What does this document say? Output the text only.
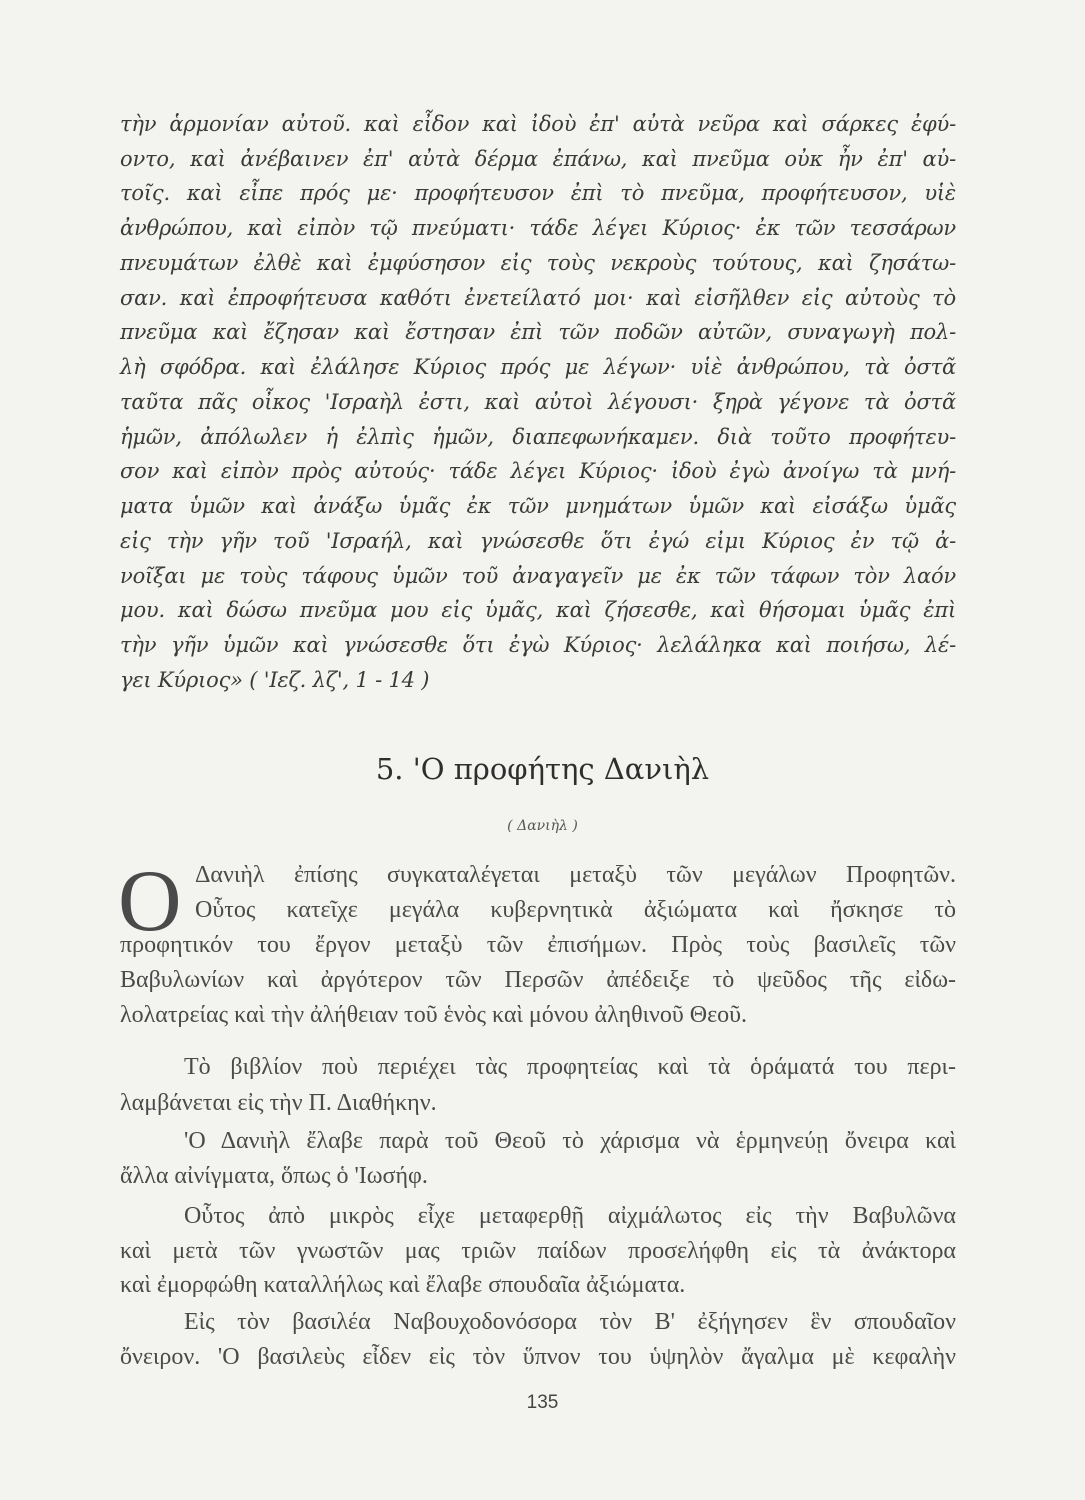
τὴν ἁρμονίαν αὐτοῦ. καὶ εἶδον καὶ ἰδοὺ ἐπ' αὐτὰ νεῦρα καὶ σάρκες ἐφύ-
οντο, καὶ ἀνέβαινεν ἐπ' αὐτὰ δέρμα ἐπάνω, καὶ πνεῦμα οὐκ ἦν ἐπ' αὐ-
τοῖς. καὶ εἶπε πρός με· προφήτευσον ἐπὶ τὸ πνεῦμα, προφήτευσον, υἱὲ
ἀνθρώπου, καὶ εἰπὸν τῷ πνεύματι· τάδε λέγει Κύριος· ἐκ τῶν τεσσάρων
πνευμάτων ἐλθὲ καὶ ἐμφύσησον εἰς τοὺς νεκροὺς τούτους, καὶ ζησάτω-
σαν. καὶ ἐπροφήτευσα καθότι ἐνετείλατό μοι· καὶ εἰσῆλθεν εἰς αὐτοὺς τὸ
πνεῦμα καὶ ἔζησαν καὶ ἔστησαν ἐπὶ τῶν ποδῶν αὐτῶν, συναγωγὴ πολ-
λὴ σφόδρα. καὶ ἐλάλησε Κύριος πρός με λέγων· υἱὲ ἀνθρώπου, τὰ ὀστᾶ
ταῦτα πᾶς οἶκος 'Ισραὴλ ἐστι, καὶ αὐτοὶ λέγουσι· ξηρὰ γέγονε τὰ ὀστᾶ
ἡμῶν, ἀπόλωλεν ἡ ἐλπὶς ἡμῶν, διαπεφωνήκαμεν. διὰ τοῦτο προφήτευ-
σον καὶ εἰπὸν πρὸς αὐτούς· τάδε λέγει Κύριος· ἰδοὺ ἐγὼ ἀνοίγω τὰ μνή-
ματα ὑμῶν καὶ ἀνάξω ὑμᾶς ἐκ τῶν μνημάτων ὑμῶν καὶ εἰσάξω ὑμᾶς
εἰς τὴν γῆν τοῦ 'Ισραήλ, καὶ γνώσεσθε ὅτι ἐγώ εἰμι Κύριος ἐν τῷ ἀ-
νοῖξαι με τοὺς τάφους ὑμῶν τοῦ ἀναγαγεῖν με ἐκ τῶν τάφων τὸν λαόν
μου. καὶ δώσω πνεῦμα μου εἰς ὑμᾶς, καὶ ζήσεσθε, καὶ θήσομαι ὑμᾶς ἐπὶ
τὴν γῆν ὑμῶν καὶ γνώσεσθε ὅτι ἐγὼ Κύριος· λελάληκα καὶ ποιήσω, λέ-
γει Κύριος» ( 'Ιεζ. λζ', 1 - 14 )
5. 'Ο προφήτης Δανιὴλ
( Δανιὴλ )
O Δανιὴλ ἐπίσης συγκαταλέγεται μεταξὺ τῶν μεγάλων Προφητῶν.
Οὗτος κατεῖχε μεγάλα κυβερνητικὰ ἀξιώματα καὶ ἤσκησε τὸ
προφητικόν του ἔργον μεταξὺ τῶν ἐπισήμων. Πρὸς τοὺς βασιλεῖς τῶν
Βαβυλωνίων καὶ ἀργότερον τῶν Περσῶν ἀπέδειξε τὸ ψεῦδος τῆς εἰδω-
λολατρείας καὶ τὴν ἀλήθειαν τοῦ ἑνὸς καὶ μόνου ἀληθινοῦ Θεοῦ.
Τὸ βιβλίον ποὺ περιέχει τὰς προφητείας καὶ τὰ ὁράματά του περι-
λαμβάνεται εἰς τὴν Π. Διαθήκην.
'Ο Δανιὴλ ἔλαβε παρὰ τοῦ Θεοῦ τὸ χάρισμα νὰ ἑρμηνεύῃ ὄνειρα καὶ
ἄλλα αἰνίγματα, ὅπως ὁ 'Ιωσήφ.
Οὗτος ἀπὸ μικρὸς εἶχε μεταφερθῇ αἰχμάλωτος εἰς τὴν Βαβυλῶνα
καὶ μετὰ τῶν γνωστῶν μας τριῶν παίδων προσελήφθη εἰς τὰ ἀνάκτορα
καὶ ἐμορφώθη καταλλήλως καὶ ἔλαβε σπουδαῖα ἀξιώματα.
Εἰς τὸν βασιλέα Ναβουχοδονόσορα τὸν Β' ἐξήγησεν ἓν σπουδαῖον
ὄνειρον. 'Ο βασιλεὺς εἶδεν εἰς τὸν ὕπνον του ὑψηλὸν ἄγαλμα μὲ κεφαλὴν
135
